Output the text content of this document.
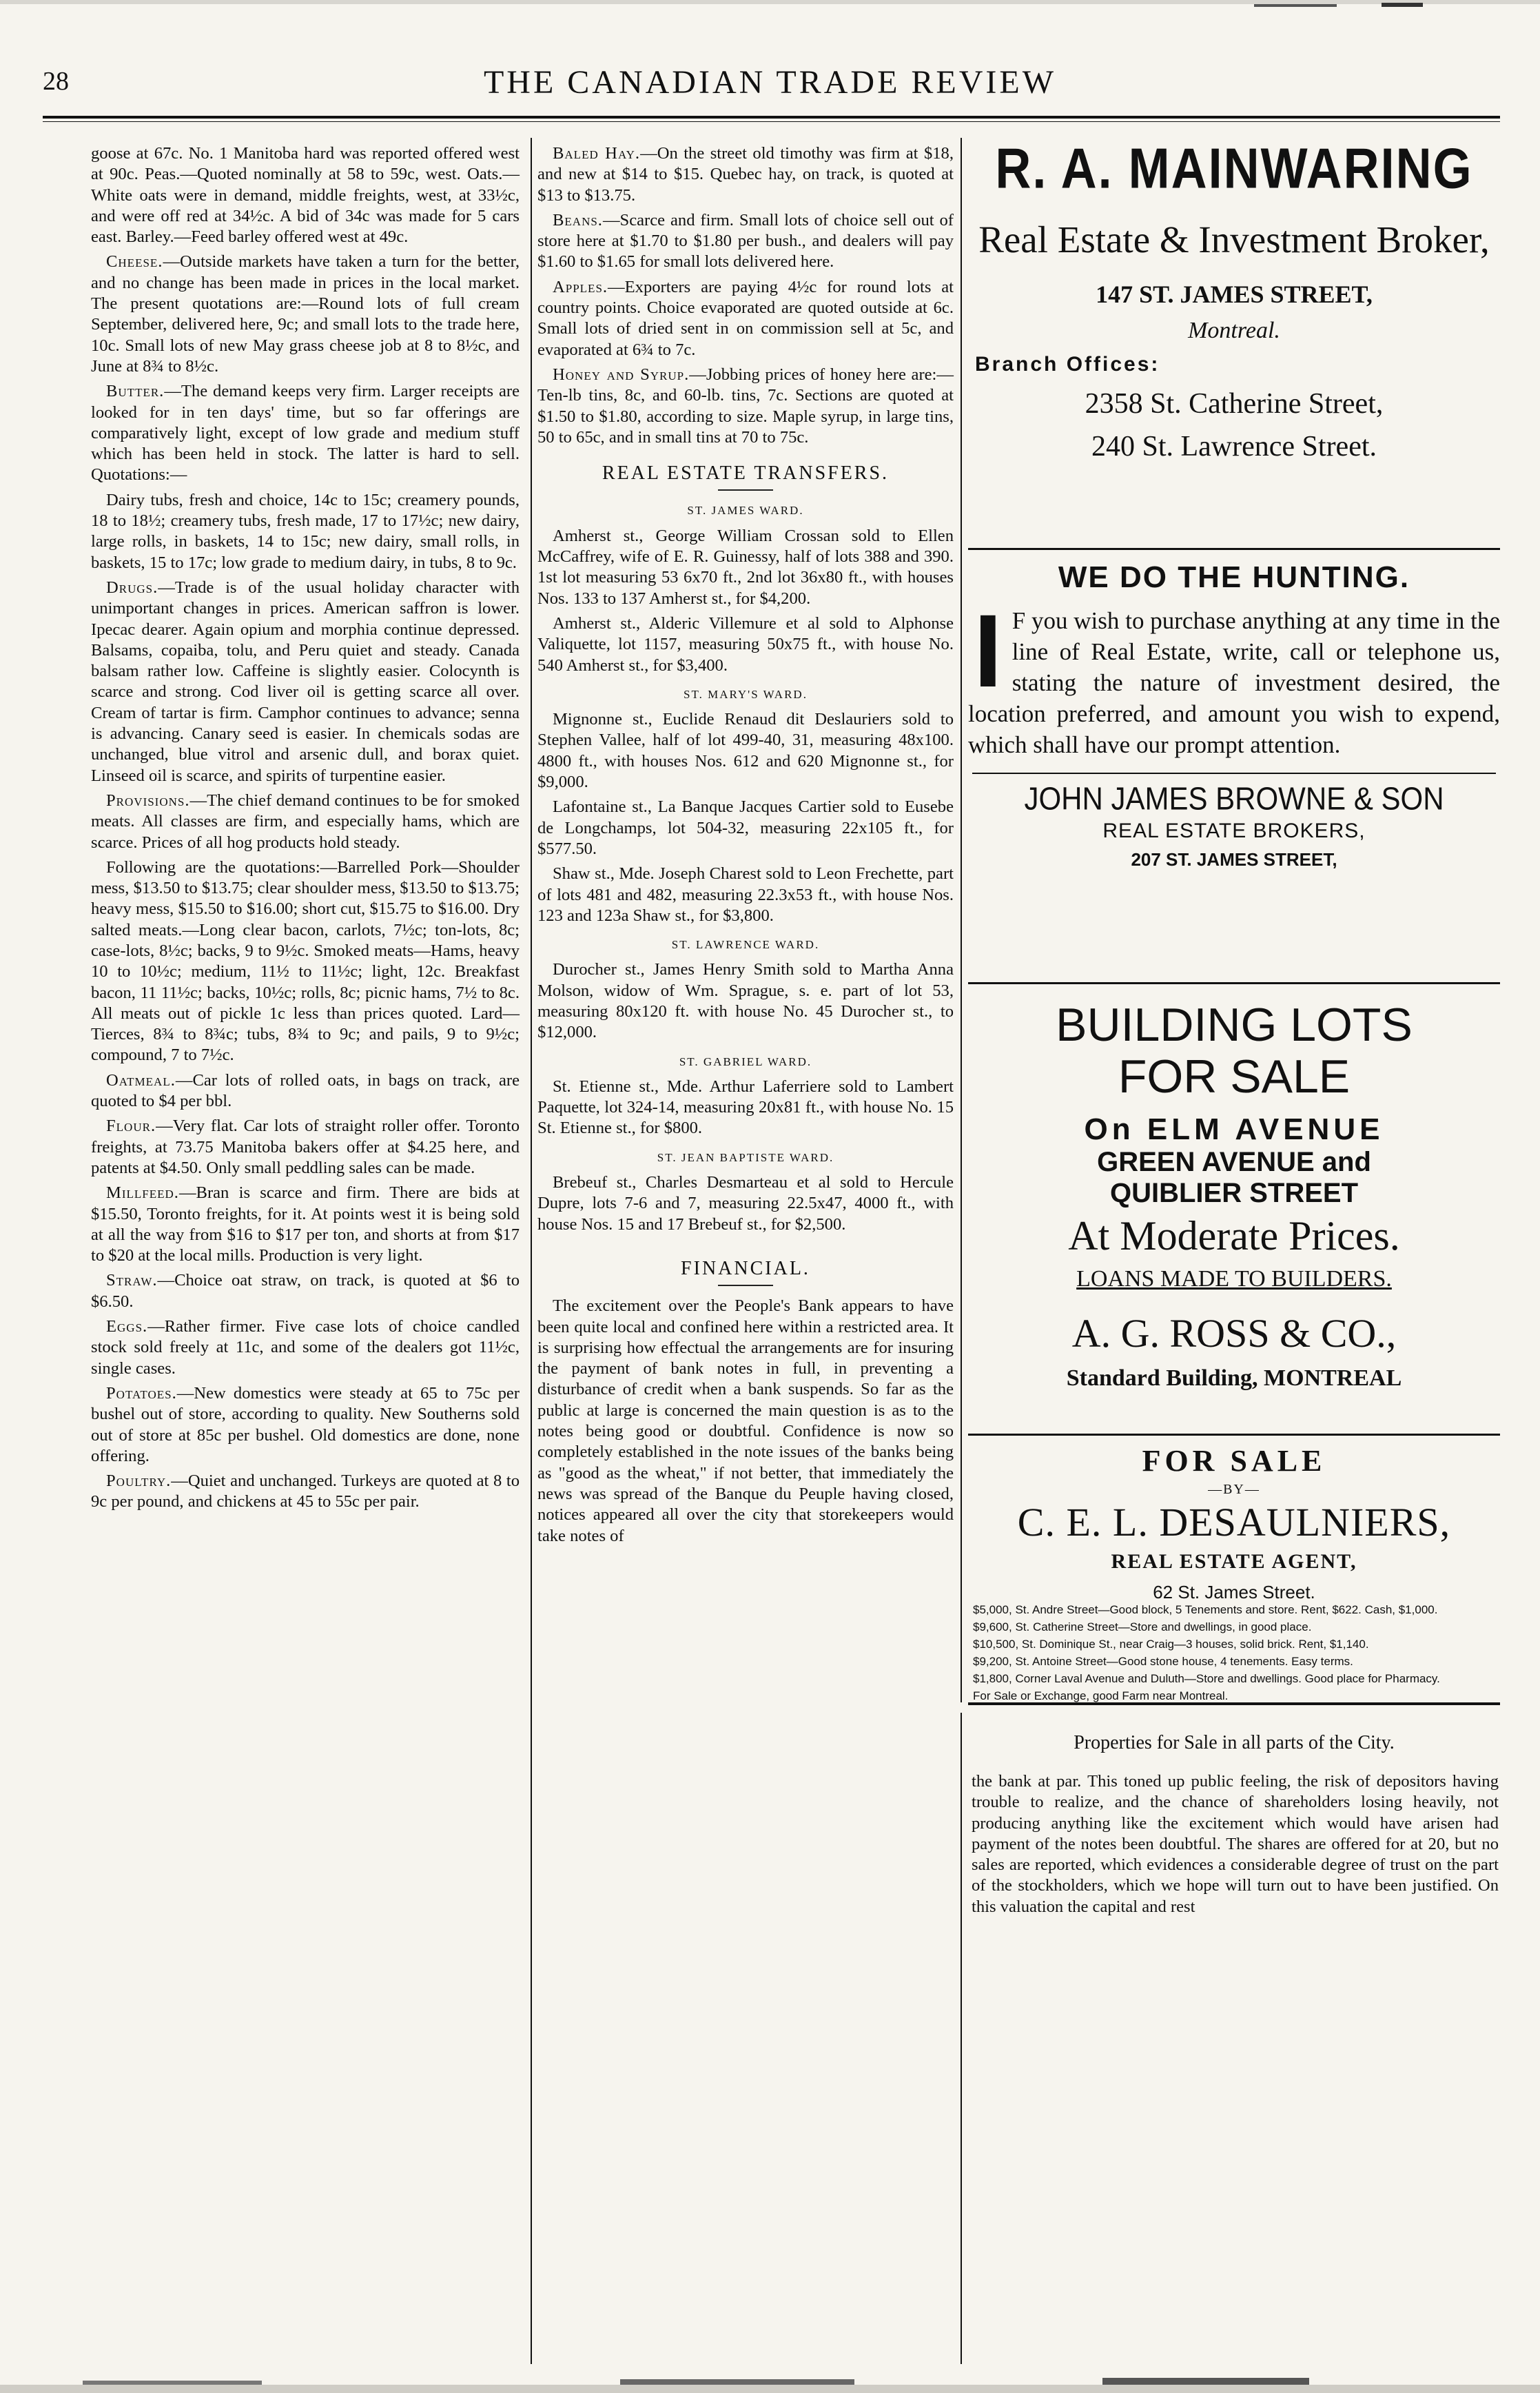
28	THE CANADIAN TRADE REVIEW

goose at 67c. No. 1 Manitoba hard was reported offered west at 90c. Peas.—Quoted nominally at 58 to 59c, west. Oats.—White oats were in demand, middle freights, west, at 33½c, and were off red at 34½c. A bid of 34c was made for 5 cars east. Barley.—Feed barley offered west at 49c.

Cheese.—Outside markets have taken a turn for the better, and no change has been made in prices in the local market. The present quotations are:—Round lots of full cream September, delivered here, 9c; and small lots to the trade here, 10c. Small lots of new May grass cheese job at 8 to 8½c, and June at 8¾ to 8½c.

Butter.—The demand keeps very firm. Larger receipts are looked for in ten days' time, but so far offerings are comparatively light, except of low grade and medium stuff which has been held in stock. The latter is hard to sell. Quotations:—

Dairy tubs, fresh and choice, 14c to 15c; creamery pounds, 18 to 18½; creamery tubs, fresh made, 17 to 17½c; new dairy, large rolls, in baskets, 14 to 15c; new dairy, small rolls, in baskets, 15 to 17c; low grade to medium dairy, in tubs, 8 to 9c.

Drugs.—Trade is of the usual holiday character with unimportant changes in prices. American saffron is lower. Ipecac dearer. Again opium and morphia continue depressed. Balsams, copaiba, tolu, and Peru quiet and steady. Canada balsam rather low. Caffeine is slightly easier. Colocynth is scarce and strong. Cod liver oil is getting scarce all over. Cream of tartar is firm. Camphor continues to advance; senna is advancing. Canary seed is easier. In chemicals sodas are unchanged, blue vitrol and arsenic dull, and borax quiet. Linseed oil is scarce, and spirits of turpentine easier.

Provisions.—The chief demand continues to be for smoked meats. All classes are firm, and especially hams, which are scarce. Prices of all hog products hold steady.

Following are the quotations:—Barrelled Pork—Shoulder mess, $13.50 to $13.75; clear shoulder mess, $13.50 to $13.75; heavy mess, $15.50 to $16.00; short cut, $15.75 to $16.00. Dry salted meats.—Long clear bacon, carlots, 7½c; ton-lots, 8c; case-lots, 8½c; backs, 9 to 9½c. Smoked meats—Hams, heavy 10 to 10½c; medium, 11½ to 11½c; light, 12c. Breakfast bacon, 11 11½c; backs, 10½c; rolls, 8c; picnic hams, 7½ to 8c. All meats out of pickle 1c less than prices quoted. Lard—Tierces, 8¾ to 8¾c; tubs, 8¾ to 9c; and pails, 9 to 9½c; compound, 7 to 7½c.

Oatmeal.—Car lots of rolled oats, in bags on track, are quoted to $4 per bbl.

Flour.—Very flat. Car lots of straight roller offer. Toronto freights, at 73.75 Manitoba bakers offer at $4.25 here, and patents at $4.50. Only small peddling sales can be made.

Millfeed.—Bran is scarce and firm. There are bids at $15.50, Toronto freights, for it. At points west it is being sold at all the way from $16 to $17 per ton, and shorts at from $17 to $20 at the local mills. Production is very light.

Straw.—Choice oat straw, on track, is quoted at $6 to $6.50.

Eggs.—Rather firmer. Five case lots of choice candled stock sold freely at 11c, and some of the dealers got 11½c, single cases.

Potatoes.—New domestics were steady at 65 to 75c per bushel out of store, according to quality. New Southerns sold out of store at 85c per bushel. Old domestics are done, none offering.

Poultry.—Quiet and unchanged. Turkeys are quoted at 8 to 9c per pound, and chickens at 45 to 55c per pair.

Baled Hay.—On the street old timothy was firm at $18, and new at $14 to $15. Quebec hay, on track, is quoted at $13 to $13.75.

Beans.—Scarce and firm. Small lots of choice sell out of store here at $1.70 to $1.80 per bush., and dealers will pay $1.60 to $1.65 for small lots delivered here.

Apples.—Exporters are paying 4½c for round lots at country points. Choice evaporated are quoted outside at 6c. Small lots of dried sent in on commission sell at 5c, and evaporated at 6¾ to 7c.

Honey and Syrup.—Jobbing prices of honey here are:—Ten-lb tins, 8c, and 60-lb. tins, 7c. Sections are quoted at $1.50 to $1.80, according to size. Maple syrup, in large tins, 50 to 65c, and in small tins at 70 to 75c.

REAL ESTATE TRANSFERS.
ST. JAMES WARD.

Amherst st., George William Crossan sold to Ellen McCaffrey, wife of E. R. Guinessy, half of lots 388 and 390. 1st lot measuring 53 6x70 ft., 2nd lot 36x80 ft., with houses Nos. 133 to 137 Amherst st., for $4,200.

Amherst st., Alderic Villemure et al sold to Alphonse Valiquette, lot 1157, measuring 50x75 ft., with house No. 540 Amherst st., for $3,400.

ST. MARY'S WARD.

Mignonne st., Euclide Renaud dit Deslauriers sold to Stephen Vallee, half of lot 499-40, 31, measuring 48x100. 4800 ft., with houses Nos. 612 and 620 Mignonne st., for $9,000.

Lafontaine st., La Banque Jacques Cartier sold to Eusebe de Longchamps, lot 504-32, measuring 22x105 ft., for $577.50.

Shaw st., Mde. Joseph Charest sold to Leon Frechette, part of lots 481 and 482, measuring 22.3x53 ft., with house Nos. 123 and 123a Shaw st., for $3,800.

ST. LAWRENCE WARD.

Durocher st., James Henry Smith sold to Martha Anna Molson, widow of Wm. Sprague, s. e. part of lot 53, measuring 80x120 ft. with house No. 45 Durocher st., to $12,000.

ST. GABRIEL WARD.

St. Etienne st., Mde. Arthur Laferriere sold to Lambert Paquette, lot 324-14, measuring 20x81 ft., with house No. 15 St. Etienne st., for $800.

ST. JEAN BAPTISTE WARD.

Brebeuf st., Charles Desmarteau et al sold to Hercule Dupre, lots 7-6 and 7, measuring 22.5x47, 4000 ft., with house Nos. 15 and 17 Brebeuf st., for $2,500.

FINANCIAL.

The excitement over the People's Bank appears to have been quite local and confined here within a restricted area. It is surprising how effectual the arrangements are for insuring the payment of bank notes in full, in preventing a disturbance of credit when a bank suspends. So far as the public at large is concerned the main question is as to the notes being good or doubtful. Confidence is now so completely established in the note issues of the banks being as "good as the wheat," if not better, that immediately the news was spread of the Banque du Peuple having closed, notices appeared all over the city that storekeepers would take notes of

R. A. MAINWARING
Real Estate & Investment Broker,
147 ST. JAMES STREET,
Montreal.
Branch Offices:
2358 St. Catherine Street,
240 St. Lawrence Street.
WE DO THE HUNTING.
I F you wish to purchase anything at any time in the line of Real Estate, write, call or telephone us, stating the nature of investment desired, the location preferred, and amount you wish to expend, which shall have our prompt attention.
JOHN JAMES BROWNE & SON
REAL ESTATE BROKERS,
207 ST. JAMES STREET,
BUILDING LOTS
FOR SALE
On ELM AVENUE
GREEN AVENUE and
QUIBLIER STREET
At Moderate Prices.
LOANS MADE TO BUILDERS.
A. G. ROSS & CO.,
Standard Building, MONTREAL
FOR SALE
—BY—
C. E. L. DESAULNIERS,
REAL ESTATE AGENT,
62 St. James Street.
$5,000, St. Andre Street—Good block, 5 Tenements and store. Rent, $622. Cash, $1,000.
$9,600, St. Catherine Street—Store and dwellings, in good place.
$10,500, St. Dominique St., near Craig—3 houses, solid brick. Rent, $1,140.
$9,200, St. Antoine Street—Good stone house, 4 tenements. Easy terms.
$1,800, Corner Laval Avenue and Duluth—Store and dwellings. Good place for Pharmacy.
For Sale or Exchange, good Farm near Montreal.
Properties for Sale in all parts of the City.

the bank at par. This toned up public feeling, the risk of depositors having trouble to realize, and the chance of shareholders losing heavily, not producing anything like the excitement which would have arisen had payment of the notes been doubtful. The shares are offered for at 20, but no sales are reported, which evidences a considerable degree of trust on the part of the stockholders, which we hope will turn out to have been justified. On this valuation the capital and rest
